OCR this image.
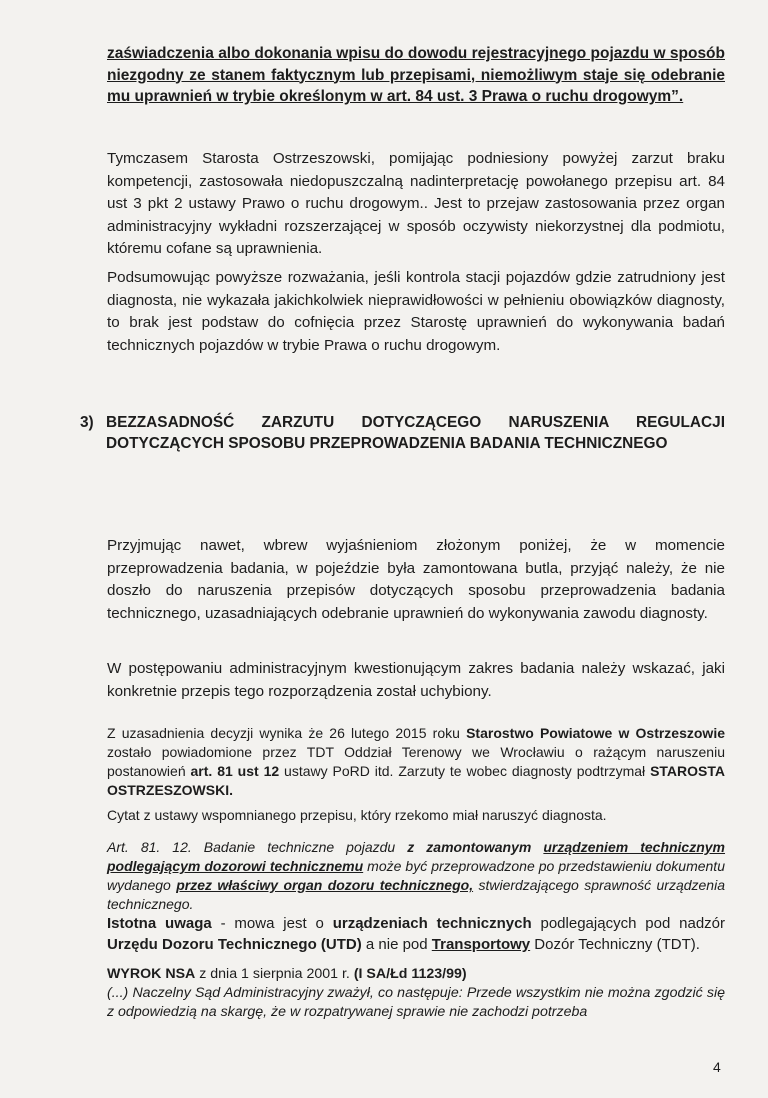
zaświadczenia albo dokonania wpisu do dowodu rejestracyjnego pojazdu w sposób niezgodny ze stanem faktycznym lub przepisami, niemożliwym staje się odebranie mu uprawnień w trybie określonym w art. 84 ust. 3 Prawa o ruchu drogowym”.

Tymczasem Starosta Ostrzeszowski, pomijając podniesiony powyżej zarzut braku kompetencji, zastosowała niedopuszczalną nadinterpretację powołanego przepisu art. 84 ust 3 pkt 2 ustawy Prawo o ruchu drogowym.. Jest to przejaw zastosowania przez organ administracyjny wykładni rozszerzającej w sposób oczywisty niekorzystnej dla podmiotu, któremu cofane są uprawnienia.

Podsumowując powyższe rozważania, jeśli kontrola stacji pojazdów gdzie zatrudniony jest diagnosta, nie wykazała jakichkolwiek nieprawidłowości w pełnieniu obowiązków diagnosty, to brak jest podstaw do cofnięcia przez Starostę uprawnień do wykonywania badań technicznych pojazdów w trybie Prawa o ruchu drogowym.

3) BEZZASADNOŚĆ ZARZUTU DOTYCZĄCEGO NARUSZENIA REGULACJI DOTYCZĄCYCH SPOSOBU PRZEPROWADZENIA BADANIA TECHNICZNEGO

Przyjmując nawet, wbrew wyjaśnieniom złożonym poniżej, że w momencie przeprowadzenia badania, w pojeździe była zamontowana butla, przyjąć należy, że nie doszło do naruszenia przepisów dotyczących sposobu przeprowadzenia badania technicznego, uzasadniających odebranie uprawnień do wykonywania zawodu diagnosty.

W postępowaniu administracyjnym kwestionującym zakres badania należy wskazać, jaki konkretnie przepis tego rozporządzenia został uchybiony.

Z uzasadnienia decyzji wynika że 26 lutego 2015 roku Starostwo Powiatowe w Ostrzeszowie zostało powiadomione przez TDT Oddział Terenowy we Wrocławiu o rażącym naruszeniu postanowień art. 81 ust 12 ustawy PoRD itd. Zarzuty te wobec diagnosty podtrzymał STAROSTA OSTRZESZOWSKI.

Cytat z ustawy wspomnianego przepisu, który rzekomo miał naruszyć diagnosta.

Art. 81. 12. Badanie techniczne pojazdu z zamontowanym urządzeniem technicznym podlegającym dozorowi technicznemu może być przeprowadzone po przedstawieniu dokumentu wydanego przez właściwy organ dozoru technicznego, stwierdzającego sprawność urządzenia technicznego.

Istotna uwaga - mowa jest o urządzeniach technicznych podlegających pod nadzór Urzędu Dozoru Technicznego (UTD) a nie pod Transportowy Dozór Techniczny (TDT).

WYROK NSA z dnia 1 sierpnia 2001 r. (I SA/Łd 1123/99)
(...) Naczelny Sąd Administracyjny zważył, co następuje: Przede wszystkim nie można zgodzić się z odpowiedzią na skargę, że w rozpatrywanej sprawie nie zachodzi potrzeba
4
